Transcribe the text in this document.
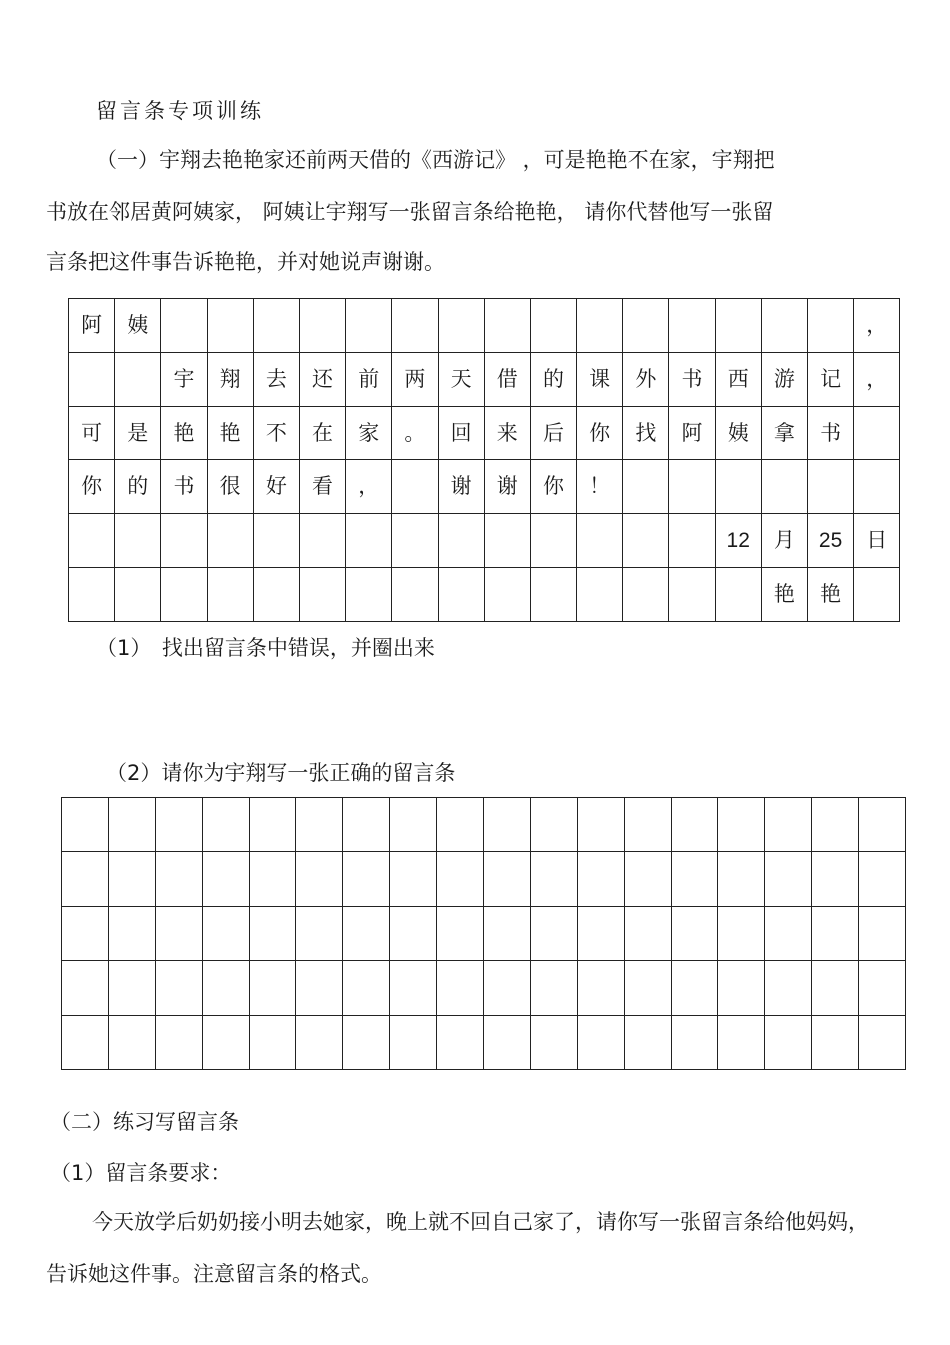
留言条专项训练
（一）宇翔去艳艳家还前两天借的《西游记》 ，可是艳艳不在家，宇翔把
书放在邻居黄阿姨家， 阿姨让宇翔写一张留言条给艳艳， 请你代替他写一张留
言条把这件事告诉艳艳，并对她说声谢谢。
阿	姨																，
		宇	翔	去	还	前	两	天	借	的	课	外	书	西	游	记	，
可	是	艳	艳	不	在	家	。	回	来	后	你	找	阿	姨	拿	书	
你	的	书	很	好	看	，		谢	谢	你	！						
														12	月	25	日
															艳	艳	
（1）　找出留言条中错误，并圈出来
（2）请你为宇翔写一张正确的留言条

（二）练习写留言条
（1）留言条要求：
今天放学后奶奶接小明去她家，晚上就不回自己家了，请你写一张留言条给他妈妈，
告诉她这件事。注意留言条的格式。
